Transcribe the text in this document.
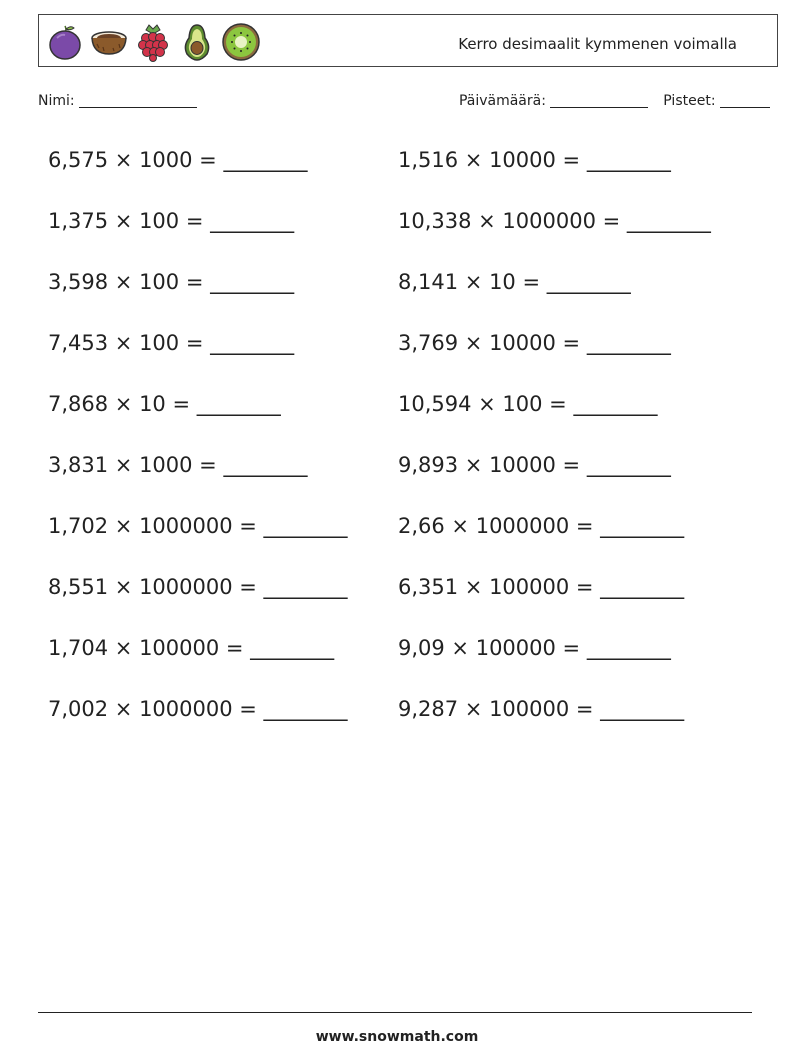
Kerro desimaalit kymmenen voimalla
Nimi:	Päivämäärä:	Pisteet:
6,575 × 1000 = ________
1,375 × 100 = ________
3,598 × 100 = ________
7,453 × 100 = ________
7,868 × 10 = ________
3,831 × 1000 = ________
1,702 × 1000000 = ________
8,551 × 1000000 = ________
1,704 × 100000 = ________
7,002 × 1000000 = ________
1,516 × 10000 = ________
10,338 × 1000000 = ________
8,141 × 10 = ________
3,769 × 10000 = ________
10,594 × 100 = ________
9,893 × 10000 = ________
2,66 × 1000000 = ________
6,351 × 100000 = ________
9,09 × 100000 = ________
9,287 × 100000 = ________
www.snowmath.com
